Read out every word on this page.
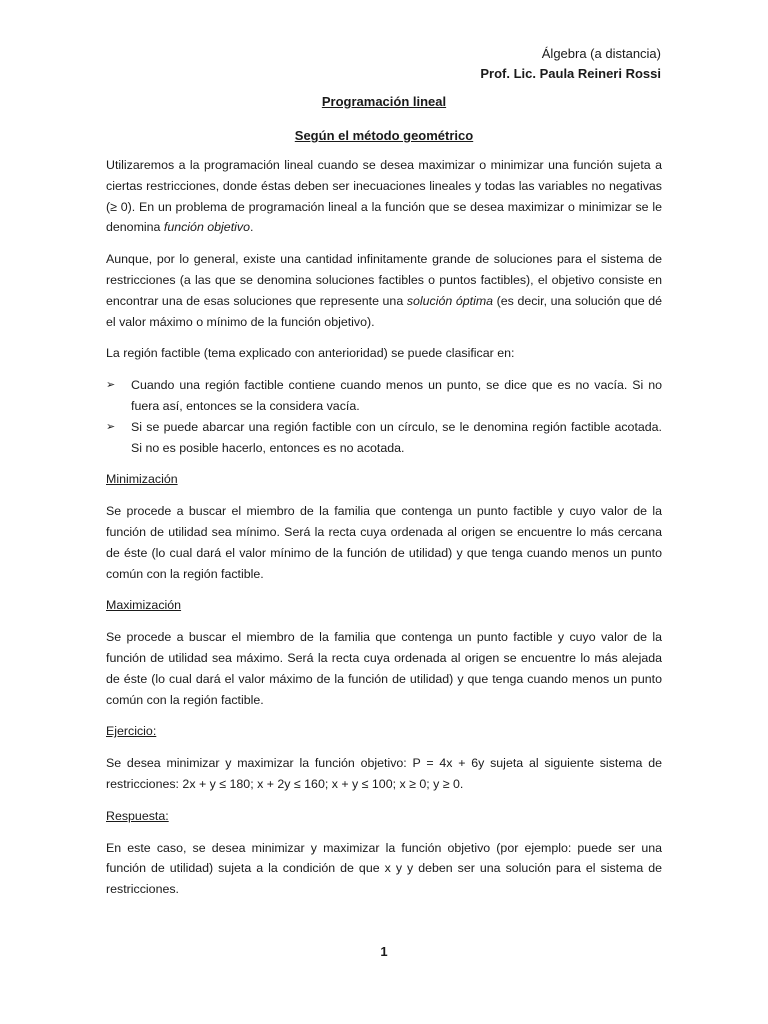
Álgebra (a distancia)
Prof. Lic. Paula Reineri Rossi
Programación lineal
Según el método geométrico

Utilizaremos a la programación lineal cuando se desea maximizar o minimizar una función sujeta a ciertas restricciones, donde éstas deben ser inecuaciones lineales y todas las variables no negativas (≥ 0). En un problema de programación lineal a la función que se desea maximizar o minimizar se le denomina función objetivo.

Aunque, por lo general, existe una cantidad infinitamente grande de soluciones para el sistema de restricciones (a las que se denomina soluciones factibles o puntos factibles), el objetivo consiste en encontrar una de esas soluciones que represente una solución óptima (es decir, una solución que dé el valor máximo o mínimo de la función objetivo).

La región factible (tema explicado con anterioridad) se puede clasificar en:

➢ Cuando una región factible contiene cuando menos un punto, se dice que es no vacía. Si no fuera así, entonces se la considera vacía.
➢ Si se puede abarcar una región factible con un círculo, se le denomina región factible acotada. Si no es posible hacerlo, entonces es no acotada.

Minimización

Se procede a buscar el miembro de la familia que contenga un punto factible y cuyo valor de la función de utilidad sea mínimo. Será la recta cuya ordenada al origen se encuentre lo más cercana de éste (lo cual dará el valor mínimo de la función de utilidad) y que tenga cuando menos un punto común con la región factible.

Maximización

Se procede a buscar el miembro de la familia que contenga un punto factible y cuyo valor de la función de utilidad sea máximo. Será la recta cuya ordenada al origen se encuentre lo más alejada de éste (lo cual dará el valor máximo de la función de utilidad) y que tenga cuando menos un punto común con la región factible.

Ejercicio:

Se desea minimizar y maximizar la función objetivo: P = 4x + 6y sujeta al siguiente sistema de restricciones: 2x + y ≤ 180; x + 2y ≤ 160; x + y ≤ 100; x ≥ 0; y ≥ 0.

Respuesta:

En este caso, se desea minimizar y maximizar la función objetivo (por ejemplo: puede ser una función de utilidad) sujeta a la condición de que x y y deben ser una solución para el sistema de restricciones.

1
